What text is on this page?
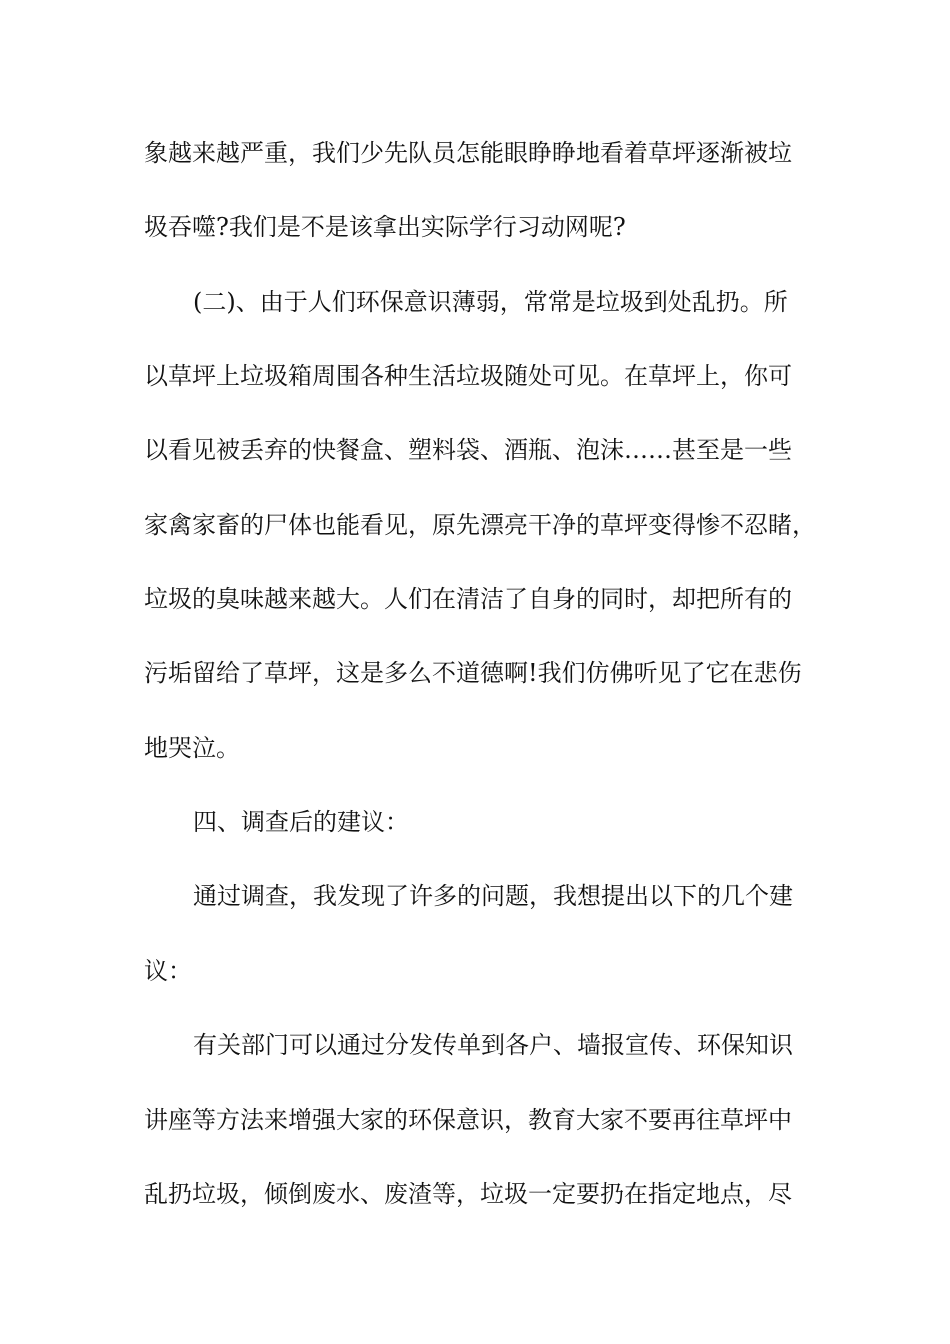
象越来越严重，我们少先队员怎能眼睁睁地看着草坪逐渐被垃

圾吞噬?我们是不是该拿出实际学行习动网呢?

(二)、由于人们环保意识薄弱，常常是垃圾到处乱扔。所

以草坪上垃圾箱周围各种生活垃圾随处可见。在草坪上，你可

以看见被丢弃的快餐盒、塑料袋、酒瓶、泡沫……甚至是一些

家禽家畜的尸体也能看见，原先漂亮干净的草坪变得惨不忍睹，

垃圾的臭味越来越大。人们在清洁了自身的同时，却把所有的

污垢留给了草坪，这是多么不道德啊!我们仿佛听见了它在悲伤

地哭泣。

四、调查后的建议：

通过调查，我发现了许多的问题，我想提出以下的几个建

议：

有关部门可以通过分发传单到各户、墙报宣传、环保知识

讲座等方法来增强大家的环保意识，教育大家不要再往草坪中

乱扔垃圾，倾倒废水、废渣等，垃圾一定要扔在指定地点，尽
